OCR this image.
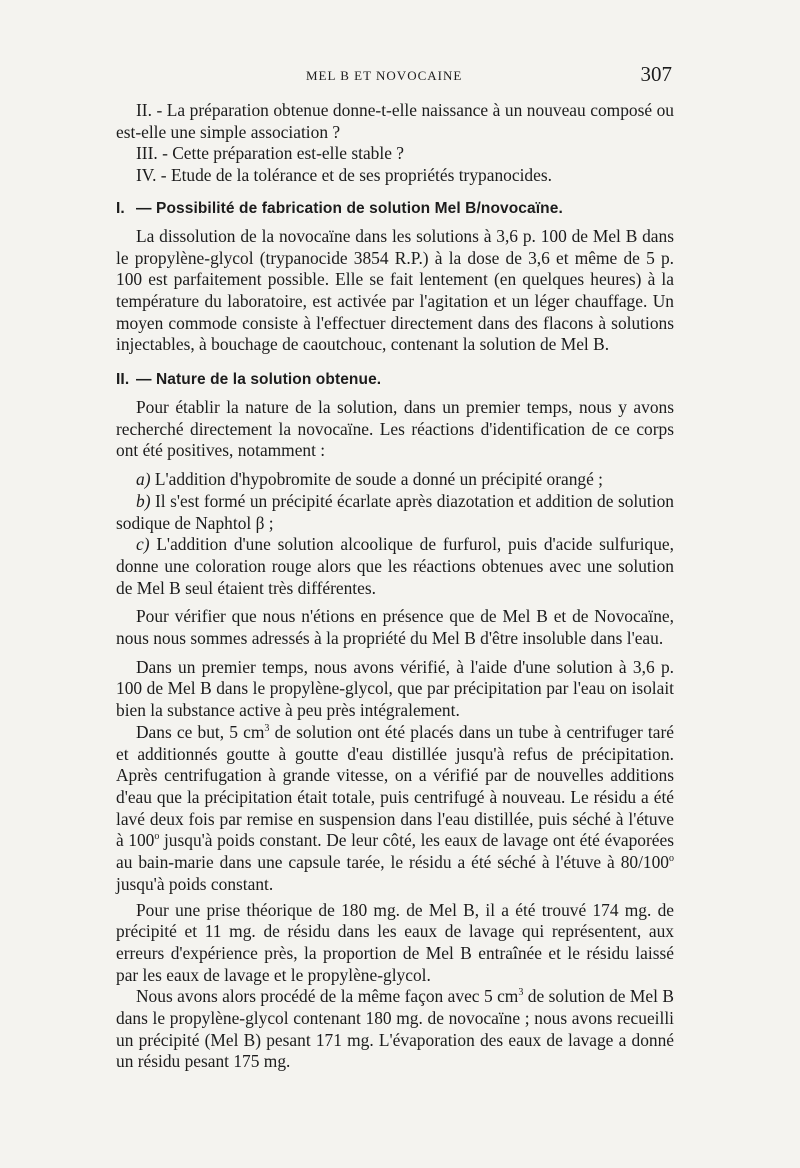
MEL B ET NOVOCAINE	307

II. - La préparation obtenue donne-t-elle naissance à un nouveau composé ou est-elle une simple association ?

III. - Cette préparation est-elle stable ?

IV. - Etude de la tolérance et de ses propriétés trypanocides.

I. — Possibilité de fabrication de solution Mel B/novocaïne.

La dissolution de la novocaïne dans les solutions à 3,6 p. 100 de Mel B dans le propylène-glycol (trypanocide 3854 R.P.) à la dose de 3,6 et même de 5 p. 100 est parfaitement possible. Elle se fait lentement (en quelques heures) à la température du laboratoire, est activée par l'agitation et un léger chauffage. Un moyen commode consiste à l'effectuer directement dans des flacons à solutions injectables, à bouchage de caoutchouc, contenant la solution de Mel B.

II. — Nature de la solution obtenue.

Pour établir la nature de la solution, dans un premier temps, nous y avons recherché directement la novocaïne. Les réactions d'identification de ce corps ont été positives, notamment :

a) L'addition d'hypobromite de soude a donné un précipité orangé ;

b) Il s'est formé un précipité écarlate après diazotation et addition de solution sodique de Naphtol β ;

c) L'addition d'une solution alcoolique de furfurol, puis d'acide sulfurique, donne une coloration rouge alors que les réactions obtenues avec une solution de Mel B seul étaient très différentes.

Pour vérifier que nous n'étions en présence que de Mel B et de Novocaïne, nous nous sommes adressés à la propriété du Mel B d'être insoluble dans l'eau.

Dans un premier temps, nous avons vérifié, à l'aide d'une solution à 3,6 p. 100 de Mel B dans le propylène-glycol, que par précipitation par l'eau on isolait bien la substance active à peu près intégralement.

Dans ce but, 5 $cm^3$ de solution ont été placés dans un tube à centrifuger taré et additionnés goutte à goutte d'eau distillée jusqu'à refus de précipitation. Après centrifugation à grande vitesse, on a vérifié par de nouvelles additions d'eau que la précipitation était totale, puis centrifugé à nouveau. Le résidu a été lavé deux fois par remise en suspension dans l'eau distillée, puis séché à l'étuve à 100$^o$ jusqu'à poids constant. De leur côté, les eaux de lavage ont été évaporées au bain-marie dans une capsule tarée, le résidu a été séché à l'étuve à 80/100$^o$ jusqu'à poids constant.

Pour une prise théorique de 180 mg. de Mel B, il a été trouvé 174 mg. de précipité et 11 mg. de résidu dans les eaux de lavage qui représentent, aux erreurs d'expérience près, la proportion de Mel B entraînée et le résidu laissé par les eaux de lavage et le propylène-glycol.

Nous avons alors procédé de la même façon avec 5 $cm^3$ de solution de Mel B dans le propylène-glycol contenant 180 mg. de novocaïne ; nous avons recueilli un précipité (Mel B) pesant 171 mg. L'évaporation des eaux de lavage a donné un résidu pesant 175 mg.
